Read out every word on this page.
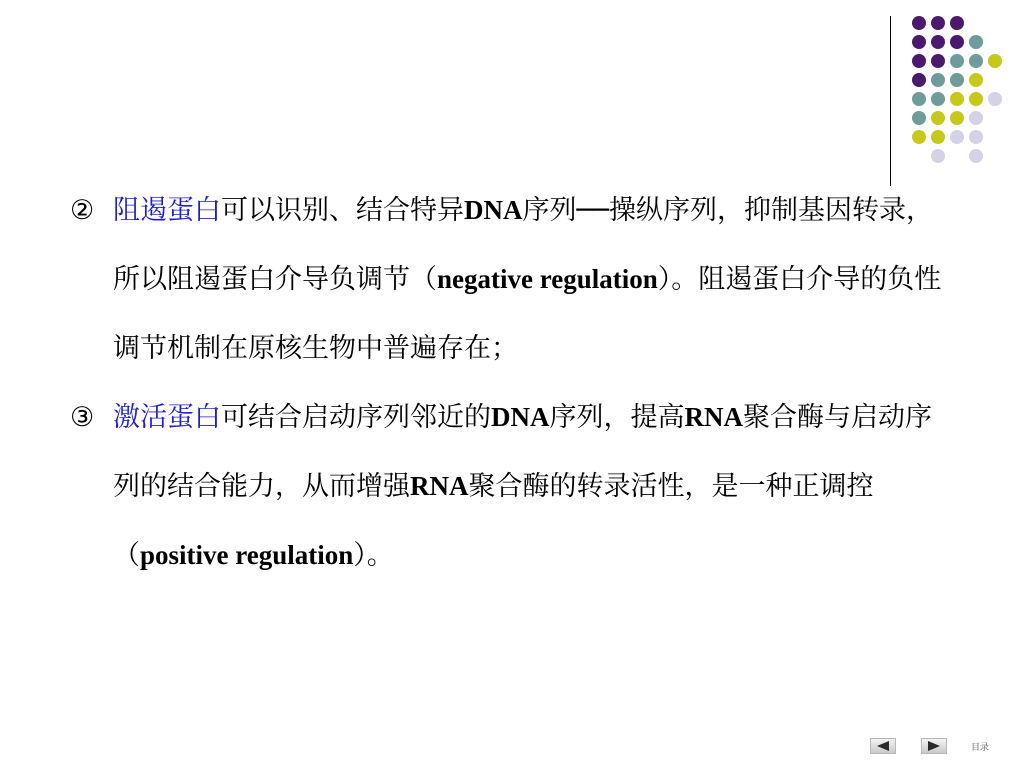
② 阻遏蛋白可以识别、结合特异DNA序列──操纵序列，抑制基因转录，所以阻遏蛋白介导负调节（negative regulation）。阻遏蛋白介导的负性调节机制在原核生物中普遍存在；

③ 激活蛋白可结合启动序列邻近的DNA序列，提高RNA聚合酶与启动序列的结合能力，从而增强RNA聚合酶的转录活性，是一种正调控（positive regulation）。

目录
